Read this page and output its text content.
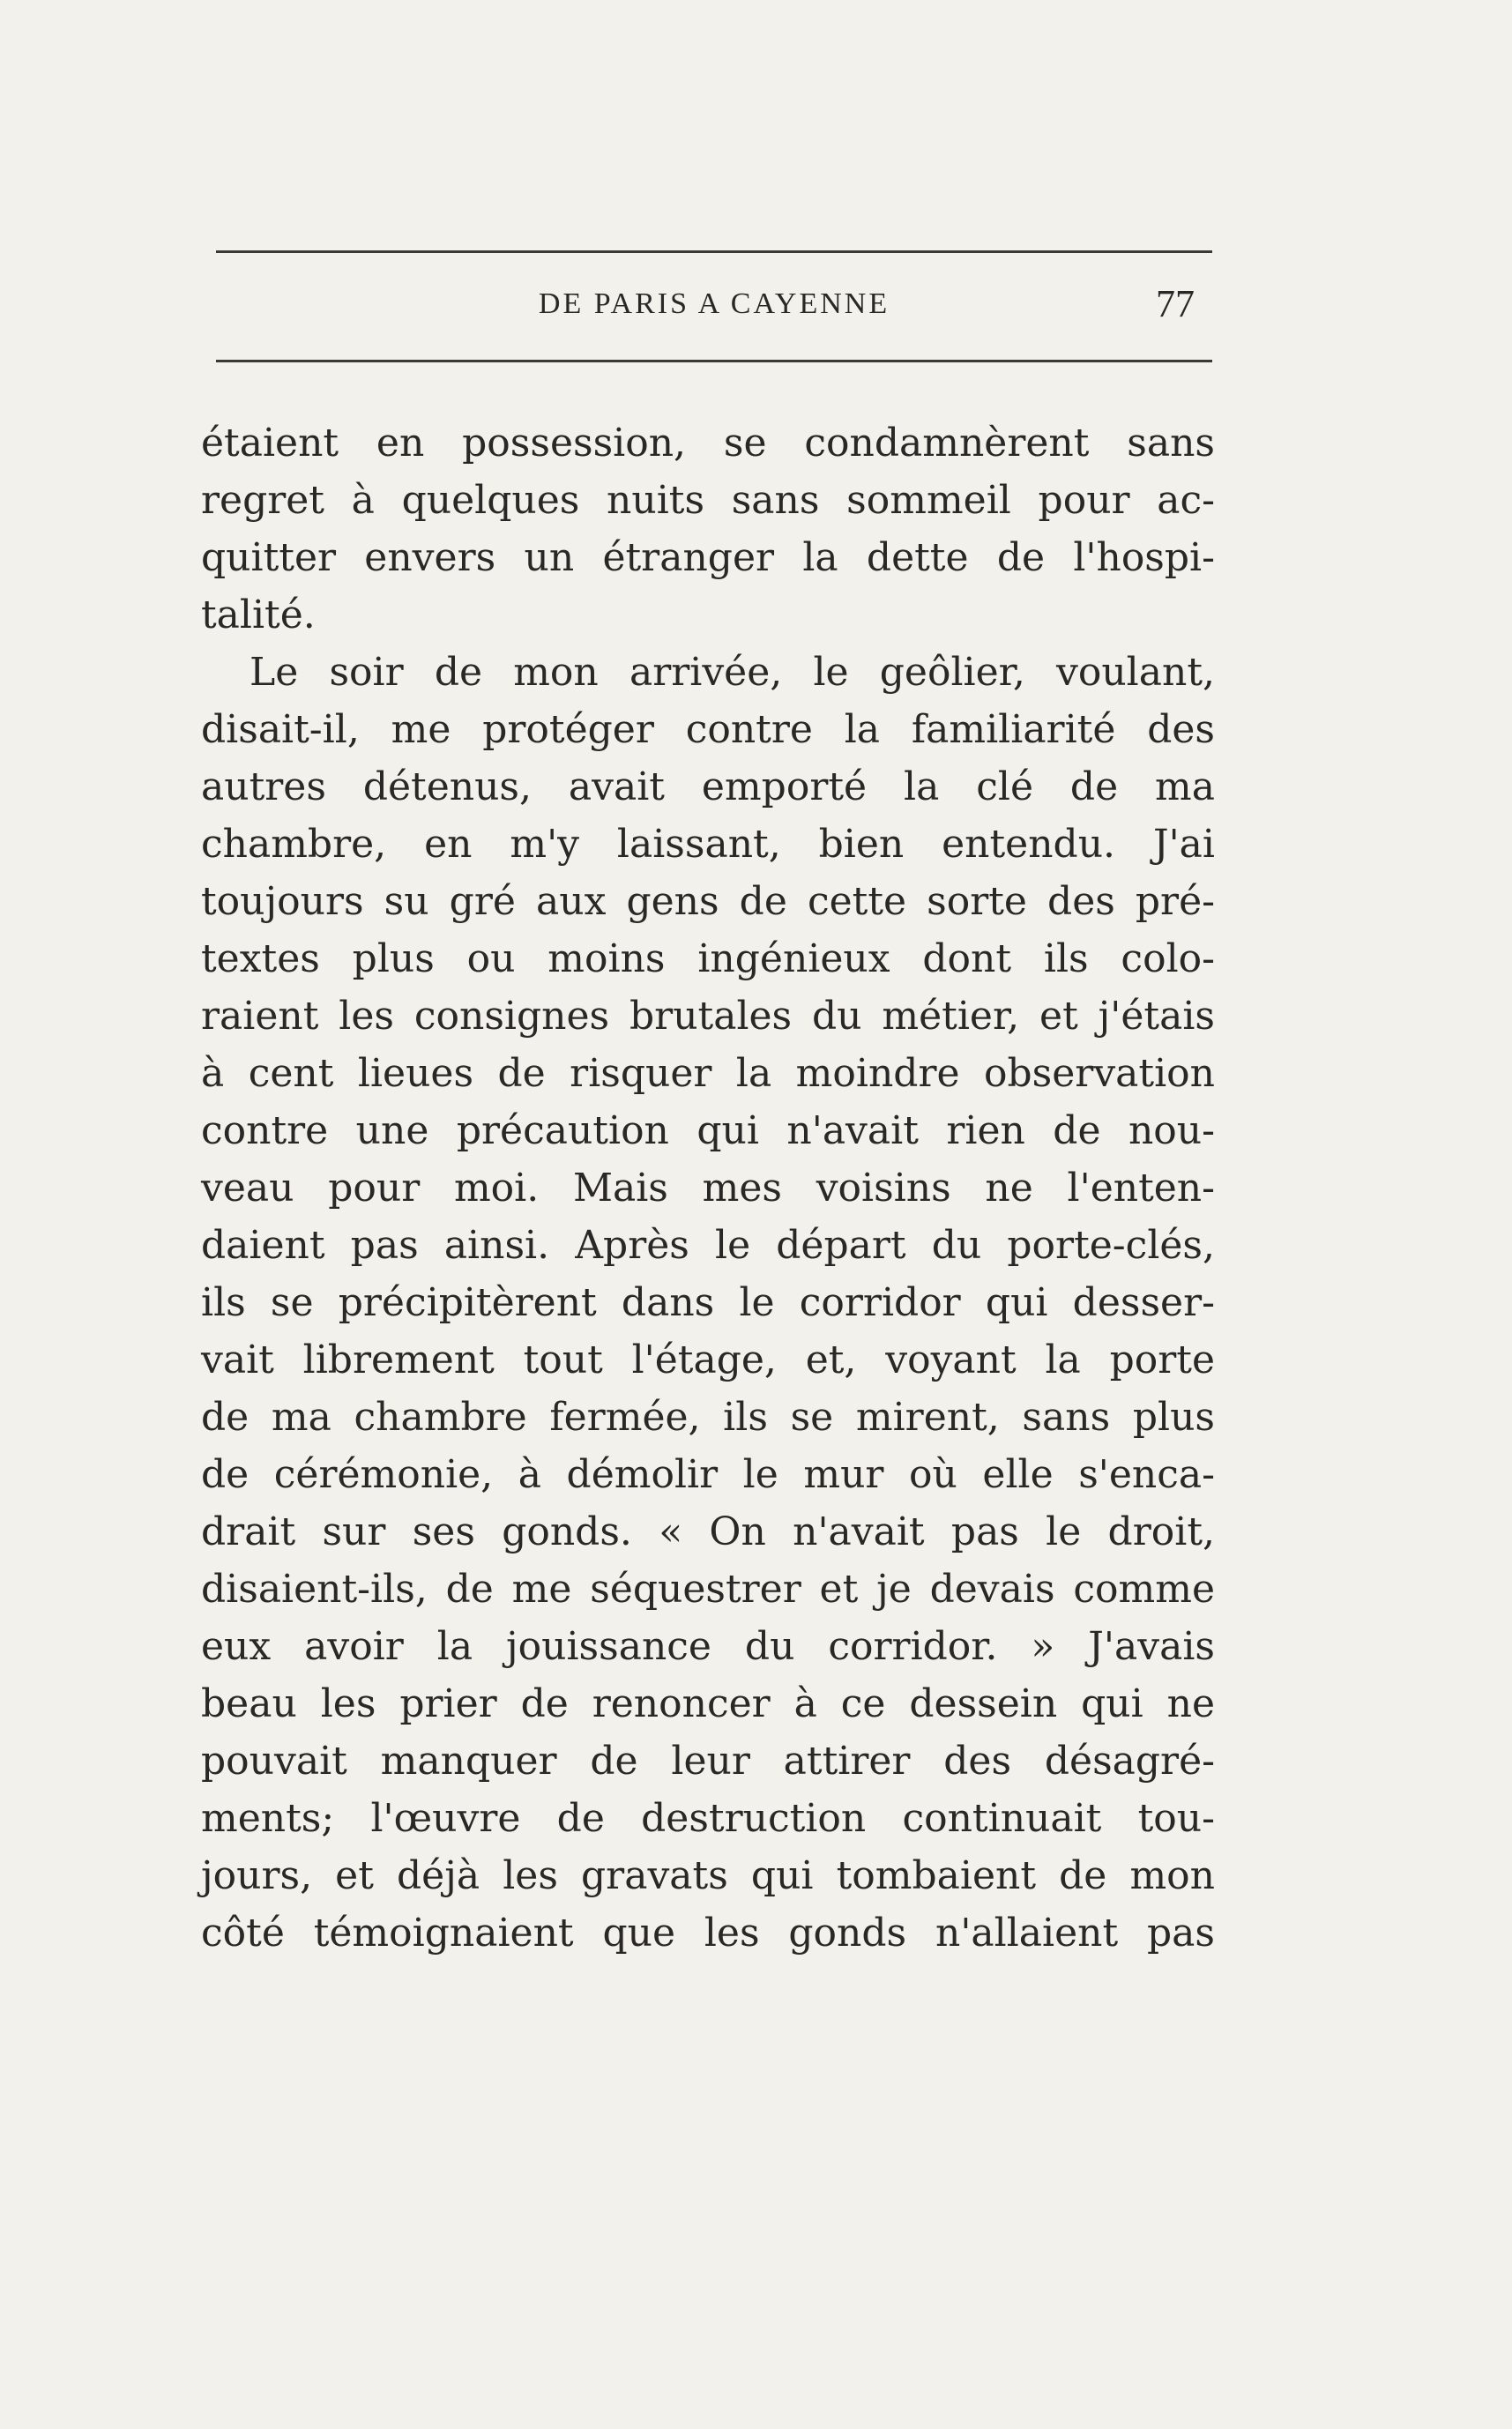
DE PARIS A CAYENNE	77
étaient en possession, se condamnèrent sans
regret à quelques nuits sans sommeil pour ac-
quitter envers un étranger la dette de l'hospi-
talité.
Le soir de mon arrivée, le geôlier, voulant,
disait-il, me protéger contre la familiarité des
autres détenus, avait emporté la clé de ma
chambre, en m'y laissant, bien entendu. J'ai
toujours su gré aux gens de cette sorte des pré-
textes plus ou moins ingénieux dont ils colo-
raient les consignes brutales du métier, et j'étais
à cent lieues de risquer la moindre observation
contre une précaution qui n'avait rien de nou-
veau pour moi. Mais mes voisins ne l'enten-
daient pas ainsi. Après le départ du porte-clés,
ils se précipitèrent dans le corridor qui desser-
vait librement tout l'étage, et, voyant la porte
de ma chambre fermée, ils se mirent, sans plus
de cérémonie, à démolir le mur où elle s'enca-
drait sur ses gonds. « On n'avait pas le droit,
disaient-ils, de me séquestrer et je devais comme
eux avoir la jouissance du corridor. » J'avais
beau les prier de renoncer à ce dessein qui ne
pouvait manquer de leur attirer des désagré-
ments; l'œuvre de destruction continuait tou-
jours, et déjà les gravats qui tombaient de mon
côté témoignaient que les gonds n'allaient pas
